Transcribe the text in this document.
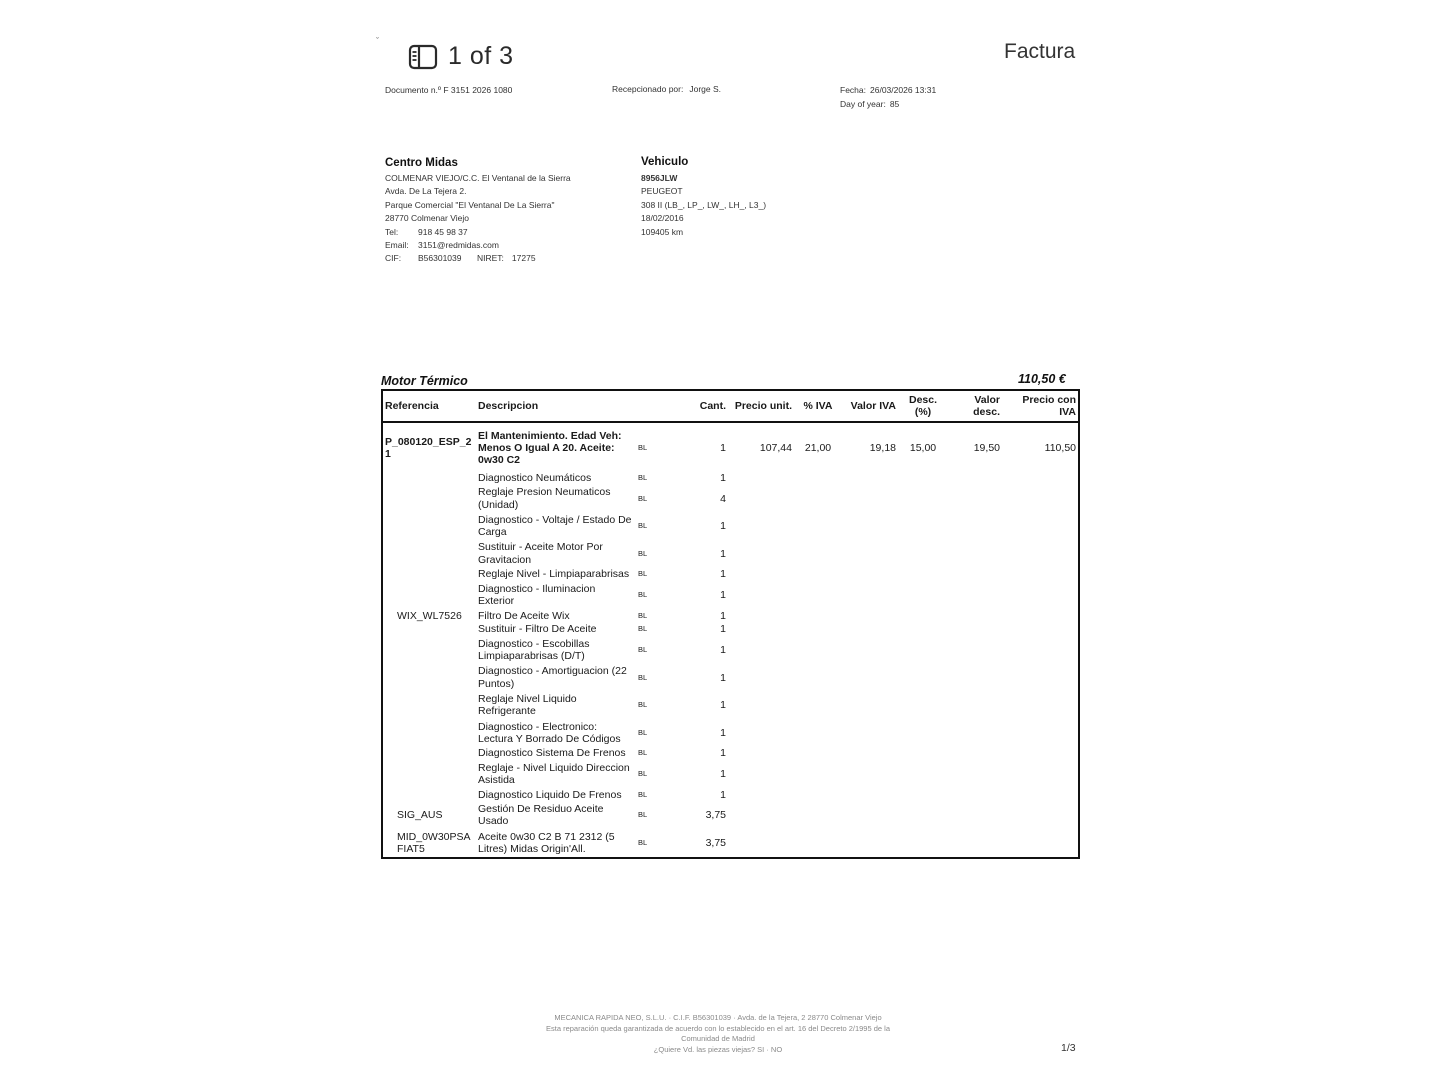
ˇ
1 of 3	Factura
Documento n.º F 3151 2026 1080	Recepcionado por: Jorge S.	Fecha: 26/03/2026 13:31
Day of year: 85
Centro Midas
COLMENAR VIEJO/C.C. El Ventanal de la Sierra
Avda. De La Tejera 2.
Parque Comercial "El Ventanal De La Sierra"
28770 Colmenar Viejo
Tel:	918 45 98 37
Email:	3151@redmidas.com
CIF:	B56301039	NIRET: 17275
Vehiculo
8956JLW
PEUGEOT
308 II (LB_, LP_, LW_, LH_, L3_)
18/02/2016
109405 km
Motor Térmico	110,50 €
Referencia	Descripcion		Cant.	Precio unit.	% IVA	Valor IVA	Desc. (%)	Valor desc.	Precio con IVA
P_080120_ESP_21	El Mantenimiento. Edad Veh: Menos O Igual A 20. Aceite: 0w30 C2	BL	1	107,44	21,00	19,18	15,00	19,50	110,50
	Diagnostico Neumáticos	BL	1						
	Reglaje Presion Neumaticos (Unidad)	BL	4						
	Diagnostico - Voltaje / Estado De Carga	BL	1						
	Sustituir - Aceite Motor Por Gravitacion	BL	1						
	Reglaje Nivel - Limpiaparabrisas	BL	1						
	Diagnostico - Iluminacion Exterior	BL	1						
WIX_WL7526	Filtro De Aceite Wix	BL	1						
	Sustituir - Filtro De Aceite	BL	1						
	Diagnostico - Escobillas Limpiaparabrisas (D/T)	BL	1						
	Diagnostico - Amortiguacion (22 Puntos)	BL	1						
	Reglaje Nivel Liquido Refrigerante	BL	1						
	Diagnostico - Electronico: Lectura Y Borrado De Códigos	BL	1						
	Diagnostico Sistema De Frenos	BL	1						
	Reglaje - Nivel Liquido Direccion Asistida	BL	1						
	Diagnostico Liquido De Frenos	BL	1						
SIG_AUS	Gestión De Residuo Aceite Usado	BL	3,75						
MID_0W30PSAFIAT5	Aceite 0w30 C2 B 71 2312 (5 Litres) Midas Origin'All.	BL	3,75						

MECANICA RAPIDA NEO, S.L.U. · C.I.F. B56301039 · Avda. de la Tejera, 2 28770 Colmenar Viejo
Esta reparación queda garantizada de acuerdo con lo establecido en el art. 16 del Decreto 2/1995 de la
Comunidad de Madrid
¿Quiere Vd. las piezas viejas? SI · NO	1/3
